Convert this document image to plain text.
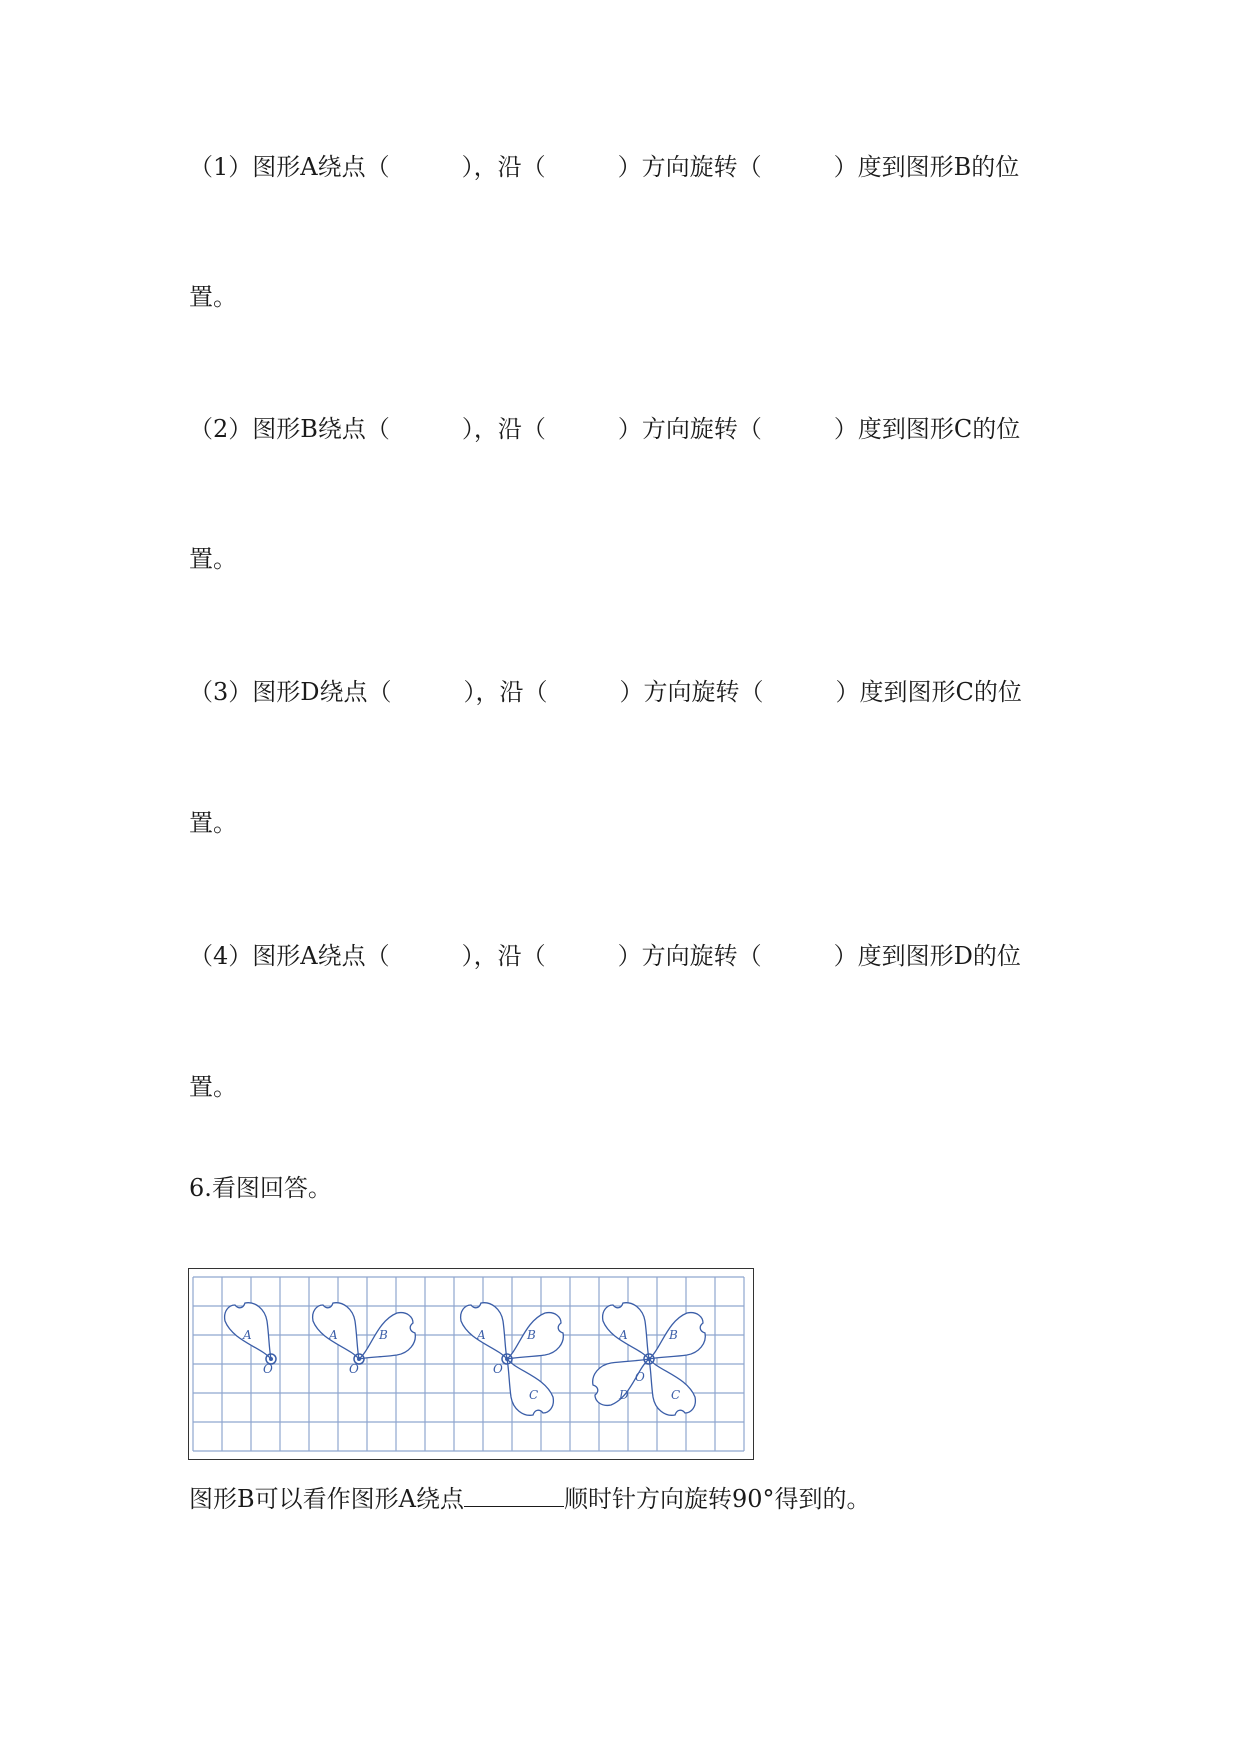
（1）图形A绕点（　　　），沿（　　　）方向旋转（　　　）度到图形B的位

置。

（2）图形B绕点（　　　），沿（　　　）方向旋转（　　　）度到图形C的位

置。

（3）图形D绕点（　　　），沿（　　　）方向旋转（　　　）度到图形C的位

置。

（4）图形A绕点（　　　），沿（　　　）方向旋转（　　　）度到图形D的位

置。

6.看图回答。

A
O
A	B
O
A	B
C
O
A	B
C
D
O

图形B可以看作图形A绕点	顺时针方向旋转90°得到的。
